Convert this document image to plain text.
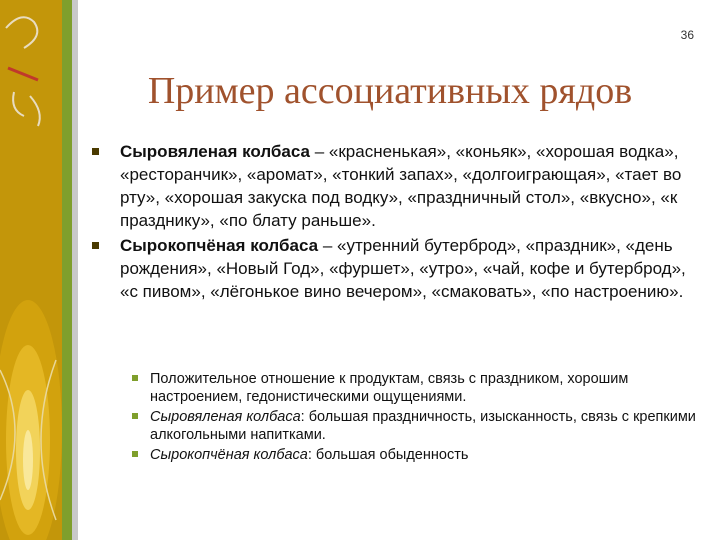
36
Пример ассоциативных рядов
Сыровяленая колбаса – «красненькая», «коньяк», «хорошая водка», «ресторанчик», «аромат», «тонкий запах», «долгоиграющая», «тает во рту», «хорошая закуска под водку», «праздничный стол», «вкусно», «к празднику», «по блату раньше».
Сырокопчёная колбаса – «утренний бутерброд», «праздник», «день рождения», «Новый Год», «фуршет», «утро», «чай, кофе и бутерброд», «с пивом», «лёгонькое вино вечером», «смаковать», «по настроению».
Положительное отношение к продуктам, связь с праздником, хорошим настроением, гедонистическими ощущениями.
Сыровяленая колбаса: большая праздничность, изысканность, связь с крепкими алкогольными напитками.
Сырокопчёная колбаса: большая обыденность
